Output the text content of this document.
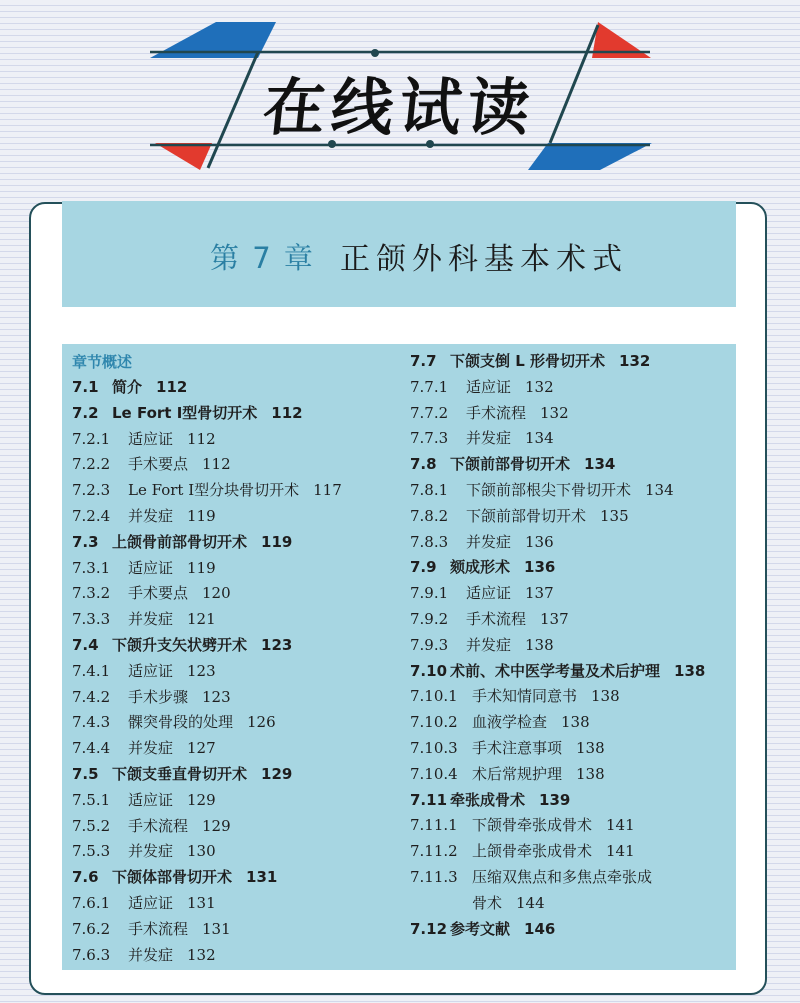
在线试读
第 7 章 正颌外科基本术式
章节概述
7.1 简介 112
7.2 Le Fort Ⅰ型骨切开术 112
7.2.1 适应证 112
7.2.2 手术要点 112
7.2.3 Le Fort Ⅰ型分块骨切开术 117
7.2.4 并发症 119
7.3 上颌骨前部骨切开术 119
7.3.1 适应证 119
7.3.2 手术要点 120
7.3.3 并发症 121
7.4 下颌升支矢状劈开术 123
7.4.1 适应证 123
7.4.2 手术步骤 123
7.4.3 髁突骨段的处理 126
7.4.4 并发症 127
7.5 下颌支垂直骨切开术 129
7.5.1 适应证 129
7.5.2 手术流程 129
7.5.3 并发症 130
7.6 下颌体部骨切开术 131
7.6.1 适应证 131
7.6.2 手术流程 131
7.6.3 并发症 132
7.7 下颌支倒 L 形骨切开术 132
7.7.1 适应证 132
7.7.2 手术流程 132
7.7.3 并发症 134
7.8 下颌前部骨切开术 134
7.8.1 下颌前部根尖下骨切开术 134
7.8.2 下颌前部骨切开术 135
7.8.3 并发症 136
7.9 颏成形术 136
7.9.1 适应证 137
7.9.2 手术流程 137
7.9.3 并发症 138
7.10 术前、术中医学考量及术后护理 138
7.10.1 手术知情同意书 138
7.10.2 血液学检查 138
7.10.3 手术注意事项 138
7.10.4 术后常规护理 138
7.11 牵张成骨术 139
7.11.1 下颌骨牵张成骨术 141
7.11.2 上颌骨牵张成骨术 141
7.11.3 压缩双焦点和多焦点牵张成
骨术 144
7.12 参考文献 146
